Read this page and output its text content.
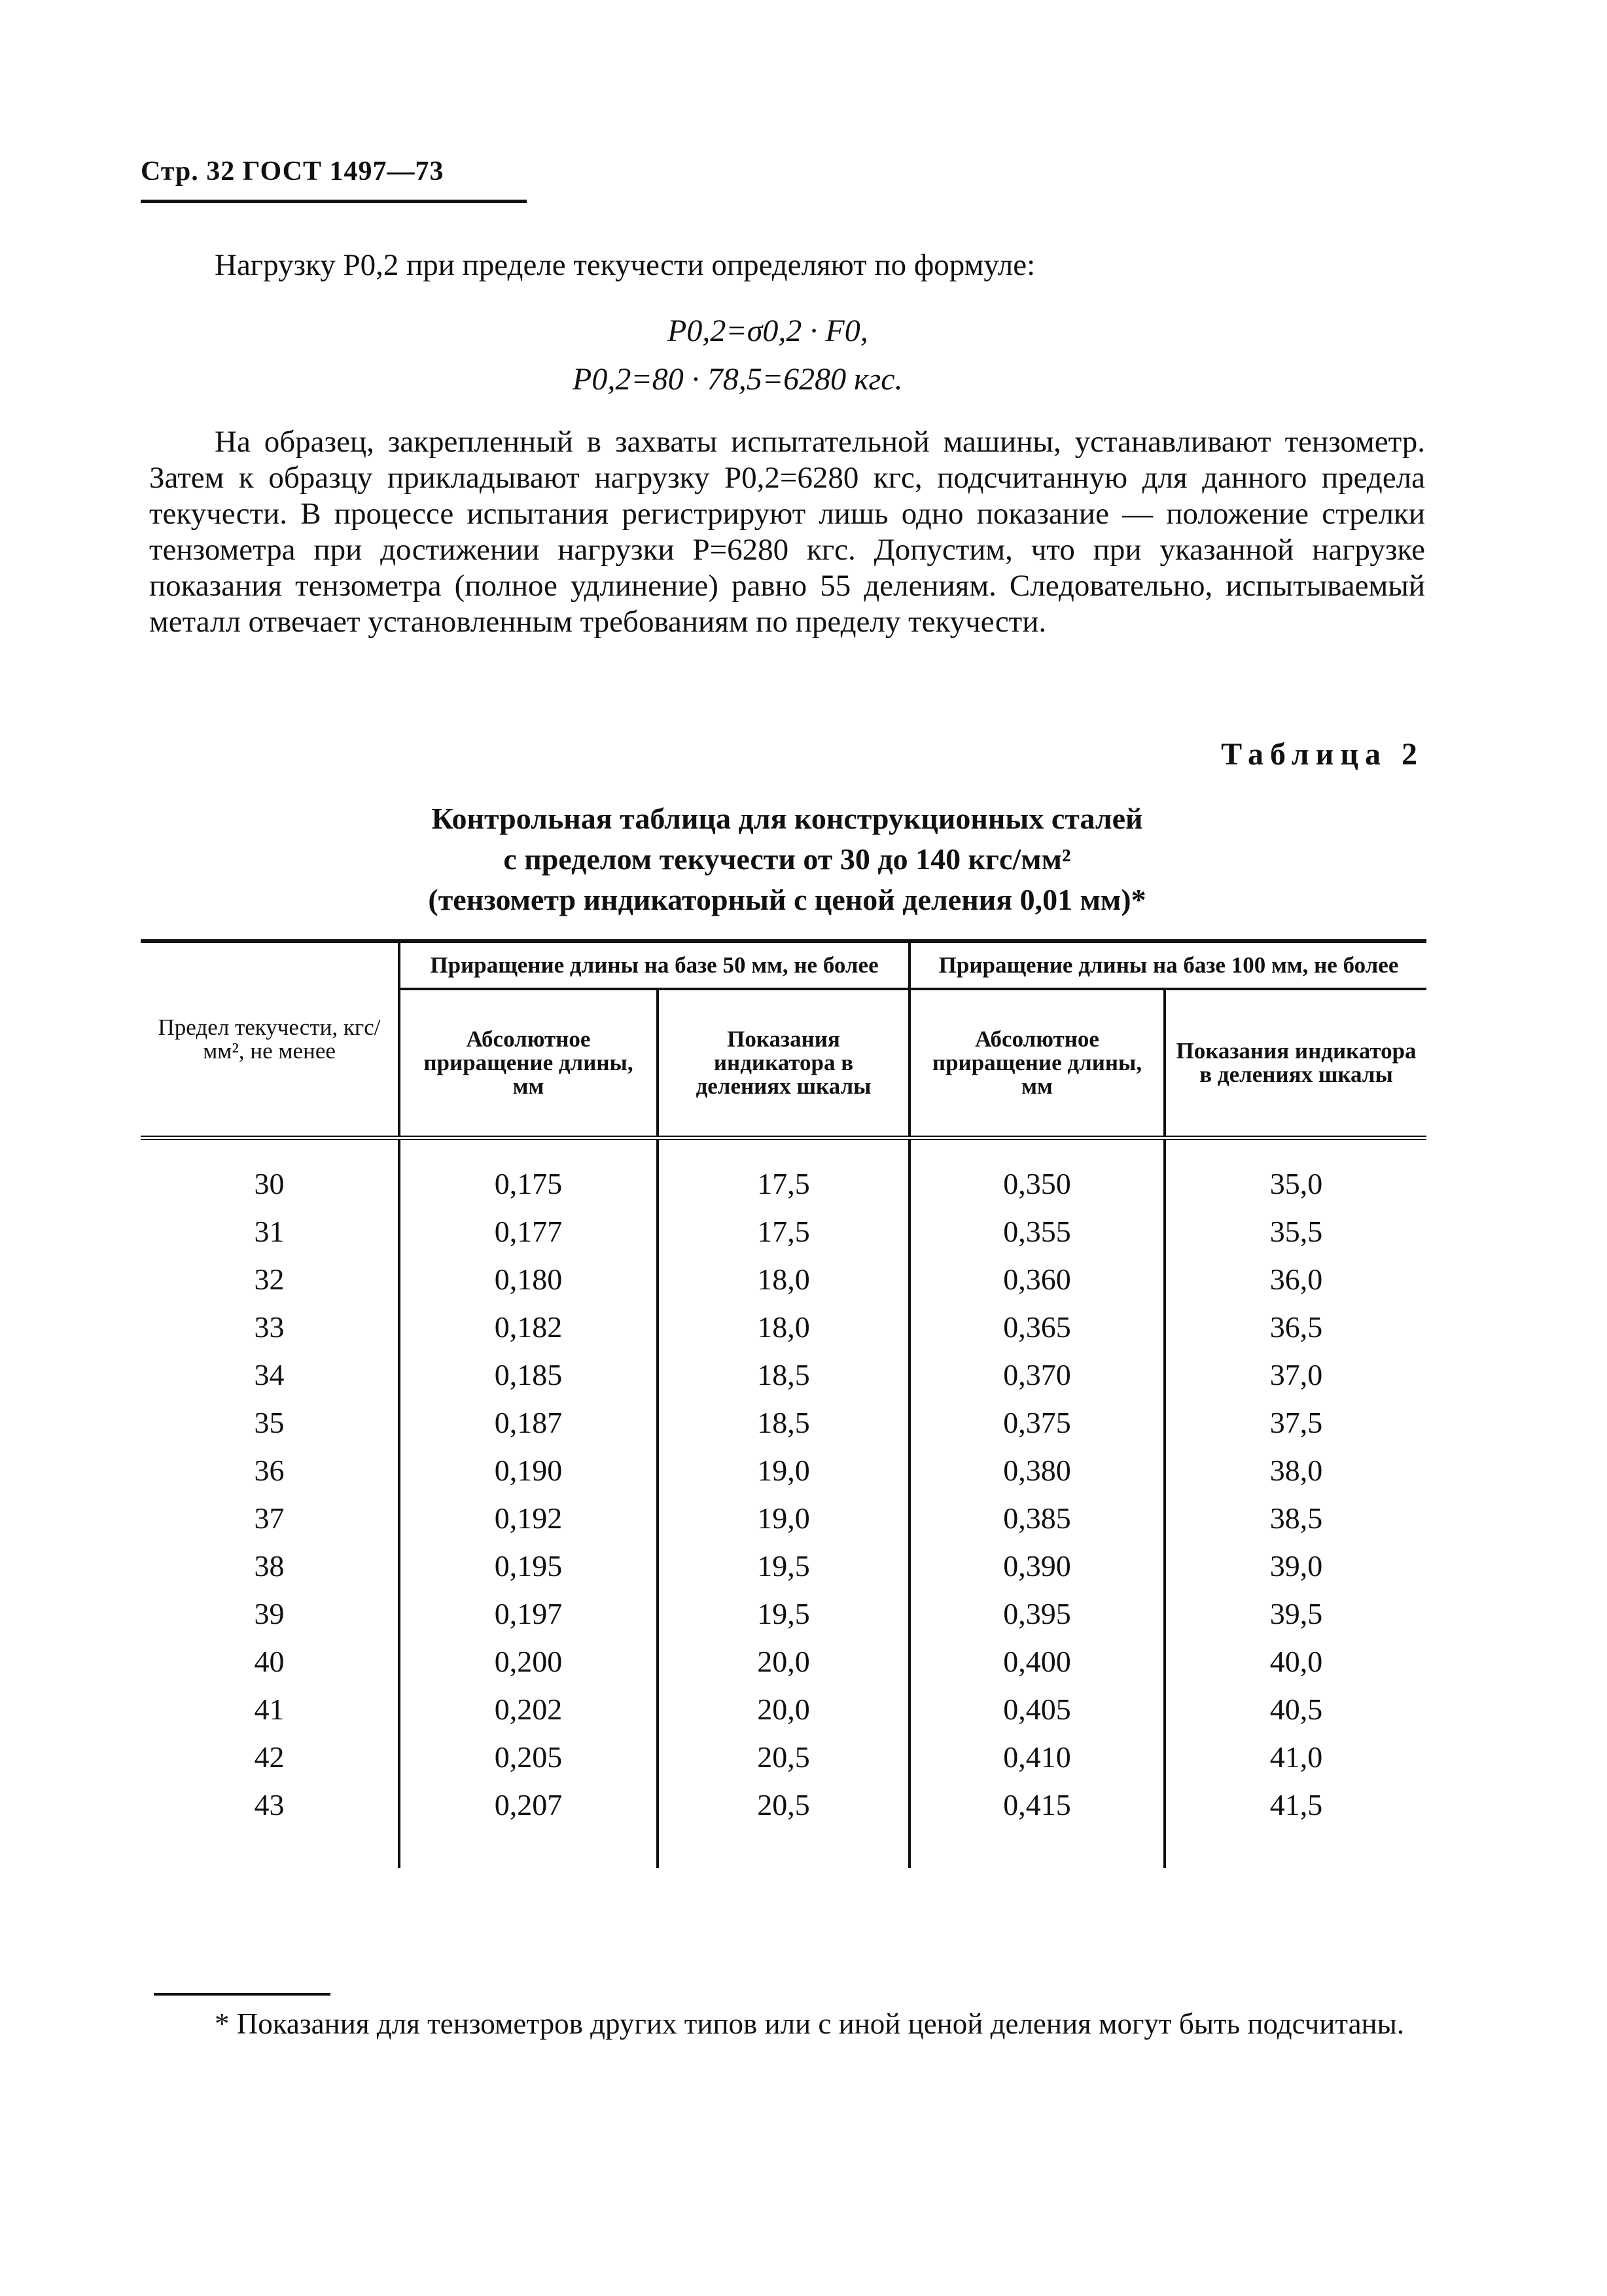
Стр. 32 ГОСТ 1497—73
Нагрузку P0,2 при пределе текучести определяют по формуле:
P0,2=σ0,2 · F0,
P0,2=80 · 78,5=6280 кгс.
На образец, закрепленный в захваты испытательной машины, устанавливают тензометр. Затем к образцу прикладывают нагрузку P0,2=6280 кгс, подсчитанную для данного предела текучести. В процессе испытания регистрируют лишь одно показание — положение стрелки тензометра при достижении нагрузки P=6280 кгс. Допустим, что при указанной нагрузке показания тензометра (полное удлинение) равно 55 делениям. Следовательно, испытываемый металл отвечает установленным требованиям по пределу текучести.
Таблица 2
Контрольная таблица для конструкционных сталей
с пределом текучести от 30 до 140 кгс/мм²
(тензометр индикаторный с ценой деления 0,01 мм)*
Предел текучести, кгс/мм², не менее	Приращение длины на базе 50 мм, не более		Приращение длины на базе 100 мм, не более	
	Абсолютное приращение длины, мм	Показания индикатора в делениях шкалы	Абсолютное приращение длины, мм	Показания индикатора в делениях шкалы
30	0,175	17,5	0,350	35,0
31	0,177	17,5	0,355	35,5
32	0,180	18,0	0,360	36,0
33	0,182	18,0	0,365	36,5
34	0,185	18,5	0,370	37,0
35	0,187	18,5	0,375	37,5
36	0,190	19,0	0,380	38,0
37	0,192	19,0	0,385	38,5
38	0,195	19,5	0,390	39,0
39	0,197	19,5	0,395	39,5
40	0,200	20,0	0,400	40,0
41	0,202	20,0	0,405	40,5
42	0,205	20,5	0,410	41,0
43	0,207	20,5	0,415	41,5

* Показания для тензометров других типов или с иной ценой деления могут быть подсчитаны.
